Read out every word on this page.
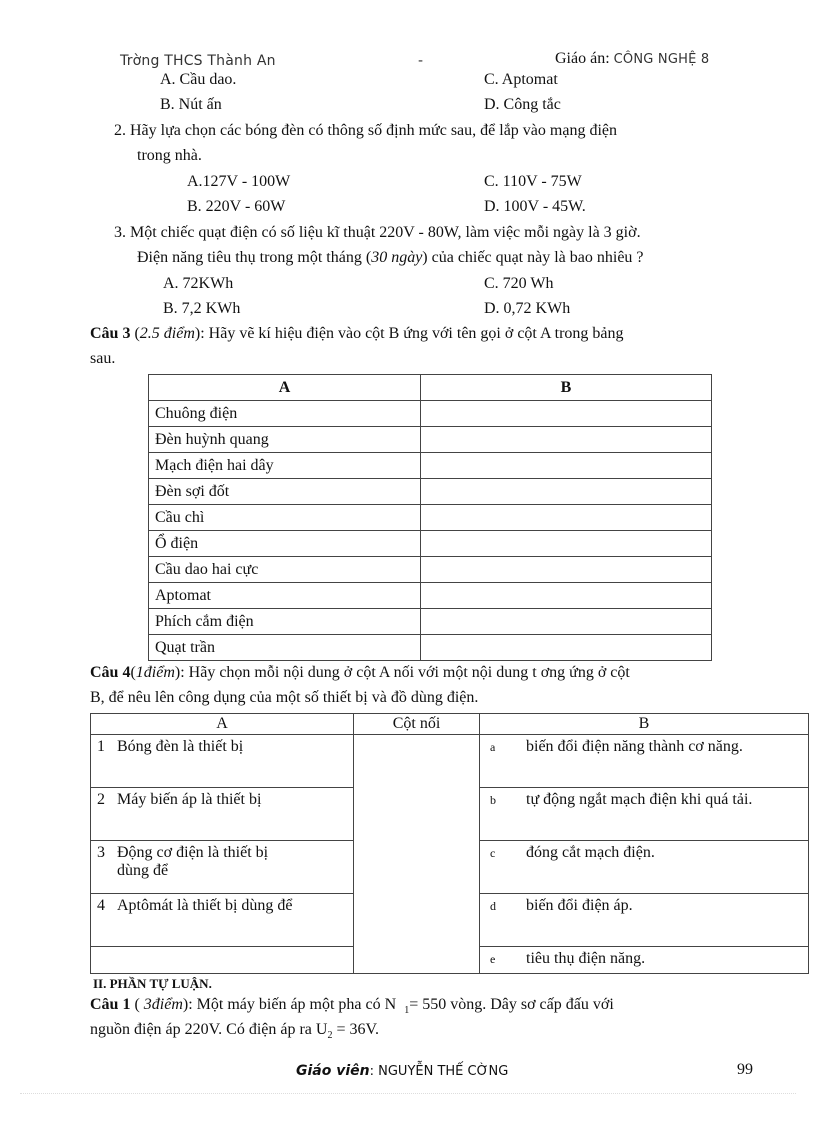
Trờng THCS Thành An	-	Giáo án: CÔNG NGHỆ 8
A. Cầu dao.	C. Aptomat
B. Nút ấn	D. Công tắc
2. Hãy lựa chọn các bóng đèn có thông số định mức sau, để lắp vào mạng điện
trong nhà.
A.127V - 100W	C. 110V - 75W
B. 220V - 60W	D. 100V - 45W.
3. Một chiếc quạt điện có số liệu kĩ thuật 220V - 80W, làm việc mỗi ngày là 3 giờ.
Điện năng tiêu thụ trong một tháng (30 ngày) của chiếc quạt này là bao nhiêu ?
A. 72KWh	C. 720 Wh
B. 7,2 KWh	D. 0,72 KWh
Câu 3 (2.5 điểm): Hãy vẽ kí hiệu điện vào cột B ứng với tên gọi ở cột A trong bảng
sau.
A	B
Chuông điện	
Đèn huỳnh quang	
Mạch điện hai dây	
Đèn sợi đốt	
Cầu chì	
Ổ điện	
Cầu dao hai cực	
Aptomat	
Phích cắm điện	
Quạt trần	
Câu 4(1điểm): Hãy chọn mỗi nội dung ở cột A nối với một nội dung t ơng ứng ở cột
B, để nêu lên công dụng của một số thiết bị và đồ dùng điện.
A	Cột nối	B
1 Bóng đèn là thiết bị		a biến đổi điện năng thành cơ năng.
2 Máy biến áp là thiết bị		b tự động ngắt mạch điện khi quá tải.
3 Động cơ điện là thiết bị
dùng để		c đóng cắt mạch điện.
4 Aptômát là thiết bị dùng để		d biến đổi điện áp.
		e tiêu thụ điện năng.
II. PHẦN TỰ LUẬN.
Câu 1 ( 3điểm): Một máy biến áp một pha có N $_1$= 550 vòng. Dây sơ cấp đấu với
nguồn điện áp 220V. Có điện áp ra $U_2 = 36V$.
Giáo viên: NGUYỄN THẾ CỜNG	99
